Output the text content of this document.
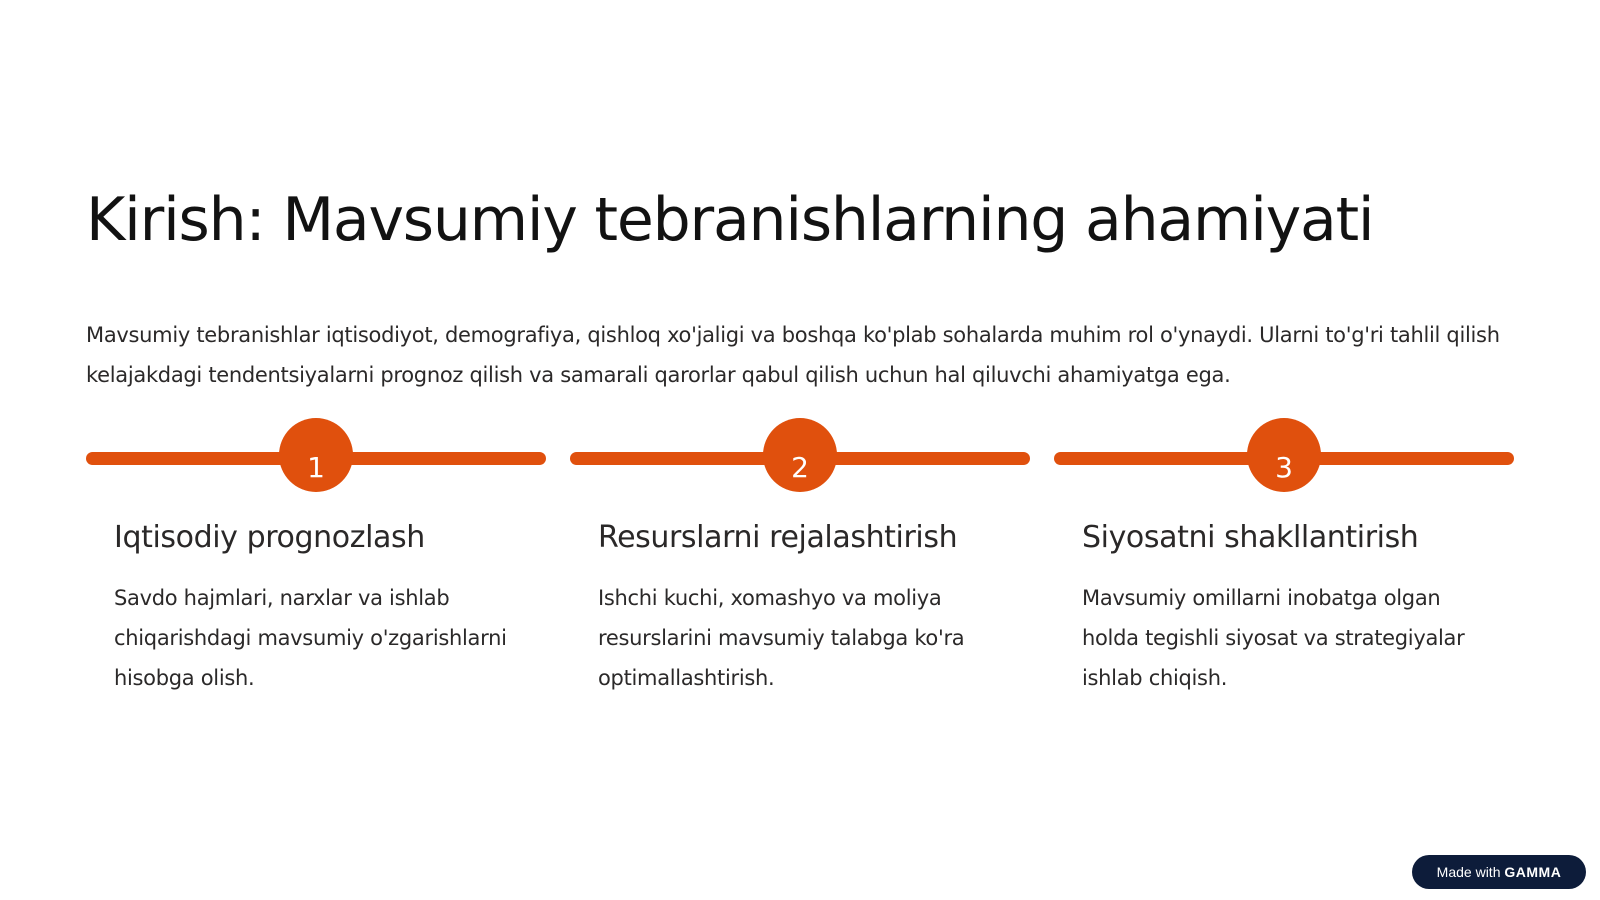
Kirish: Mavsumiy tebranishlarning ahamiyati

Mavsumiy tebranishlar iqtisodiyot, demografiya, qishloq xo'jaligi va boshqa ko'plab sohalarda muhim rol o'ynaydi. Ularni to'g'ri tahlil qilish kelajakdagi tendentsiyalarni prognoz qilish va samarali qarorlar qabul qilish uchun hal qiluvchi ahamiyatga ega.

1
Iqtisodiy prognozlash

Savdo hajmlari, narxlar va ishlab chiqarishdagi mavsumiy o'zgarishlarni hisobga olish.

2
Resurslarni rejalashtirish

Ishchi kuchi, xomashyo va moliya resurslarini mavsumiy talabga ko'ra optimallashtirish.

3
Siyosatni shakllantirish

Mavsumiy omillarni inobatga olgan holda tegishli siyosat va strategiyalar ishlab chiqish.

Made with GAMMA
